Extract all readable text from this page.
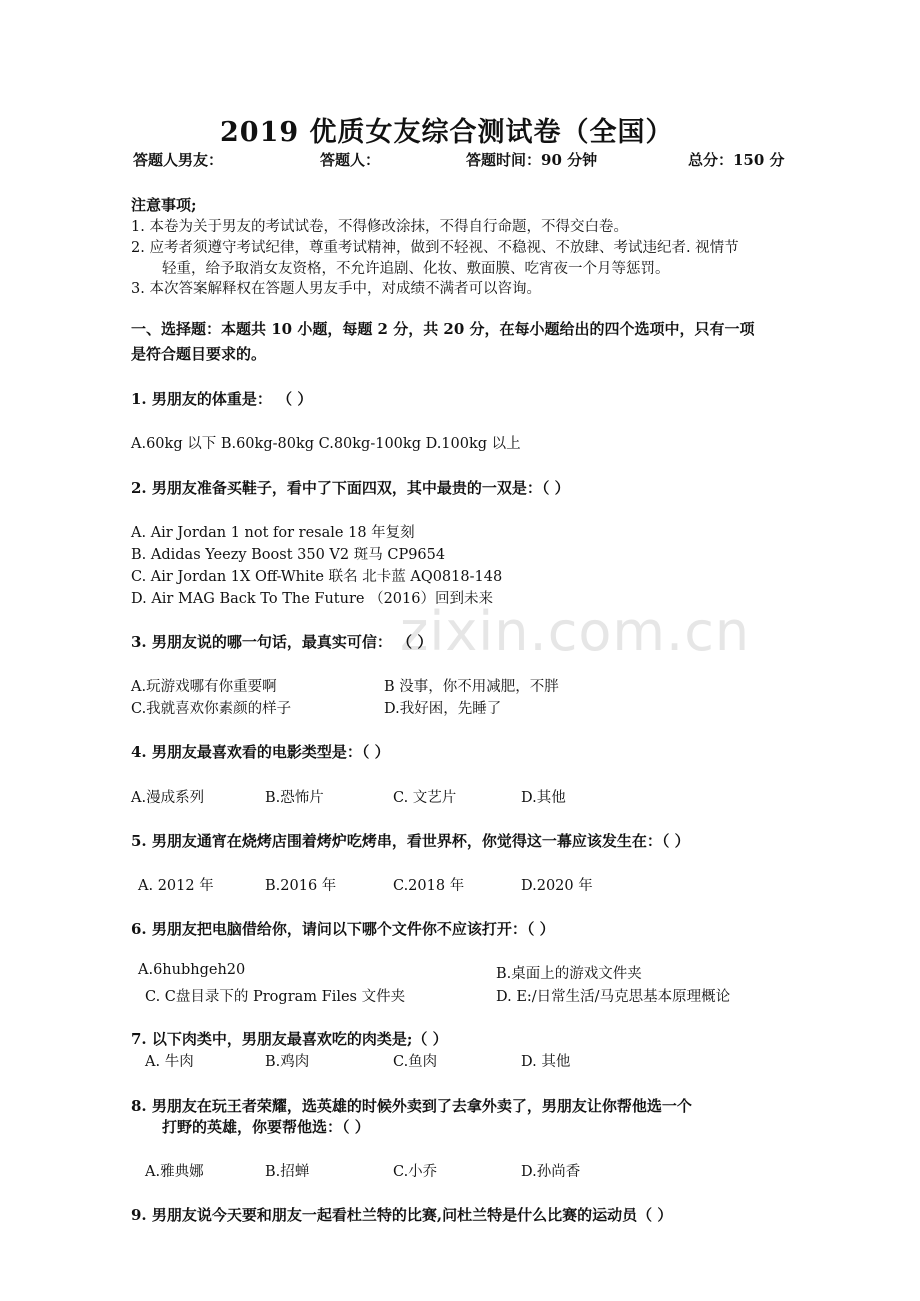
zixin.com.cn
2019 优质女友综合测试卷（全国）
答题人男友：	答题人：	答题时间：90 分钟	总分：150 分
注意事项;
1. 本卷为关于男友的考试试卷，不得修改涂抹，不得自行命题，不得交白卷。
2. 应考者须遵守考试纪律，尊重考试精神，做到不轻视、不稳视、不放肆、考试违纪者. 视情节
轻重，给予取消女友资格，不允许追剧、化妆、敷面膜、吃宵夜一个月等惩罚。
3. 本次答案解释权在答题人男友手中，对成绩不满者可以咨询。
一、选择题：本题共 10 小题，每题 2 分，共 20 分，在每小题给出的四个选项中，只有一项
是符合题目要求的。
1. 男朋友的体重是： （ ）
A.60kg 以下 B.60kg-80kg C.80kg-100kg D.100kg 以上
2. 男朋友准备买鞋子，看中了下面四双，其中最贵的一双是：（ ）
A. Air Jordan 1 not for resale 18 年复刻
B. Adidas Yeezy Boost 350 V2 斑马 CP9654
C. Air Jordan 1X Off-White 联名 北卡蓝 AQ0818-148
D. Air MAG Back To The Future （2016）回到未来
3. 男朋友说的哪一句话，最真实可信： （ ）
A.玩游戏哪有你重要啊	B 没事，你不用减肥，不胖
C.我就喜欢你素颜的样子	D.我好困，先睡了
4. 男朋友最喜欢看的电影类型是：（ ）
A.漫成系列	B.恐怖片	C. 文艺片	D.其他
5. 男朋友通宵在烧烤店围着烤炉吃烤串，看世界杯，你觉得这一幕应该发生在：（ ）
A. 2012 年	B.2016 年	C.2018 年	D.2020 年
6. 男朋友把电脑借给你，请问以下哪个文件你不应该打开：（ ）
A.6hubhgeh20	B.桌面上的游戏文件夹
C. C盘目录下的 Program Files 文件夹	D. E:/日常生活/马克思基本原理概论
7. 以下肉类中，男朋友最喜欢吃的肉类是;（ ）
A. 牛肉	B.鸡肉	C.鱼肉	D. 其他
8. 男朋友在玩王者荣耀，选英雄的时候外卖到了去拿外卖了，男朋友让你帮他选一个
打野的英雄，你要帮他选：（ ）
A.雅典娜	B.招蝉	C.小乔	D.孙尚香
9. 男朋友说今天要和朋友一起看杜兰特的比赛,问杜兰特是什么比赛的运动员（ ）
